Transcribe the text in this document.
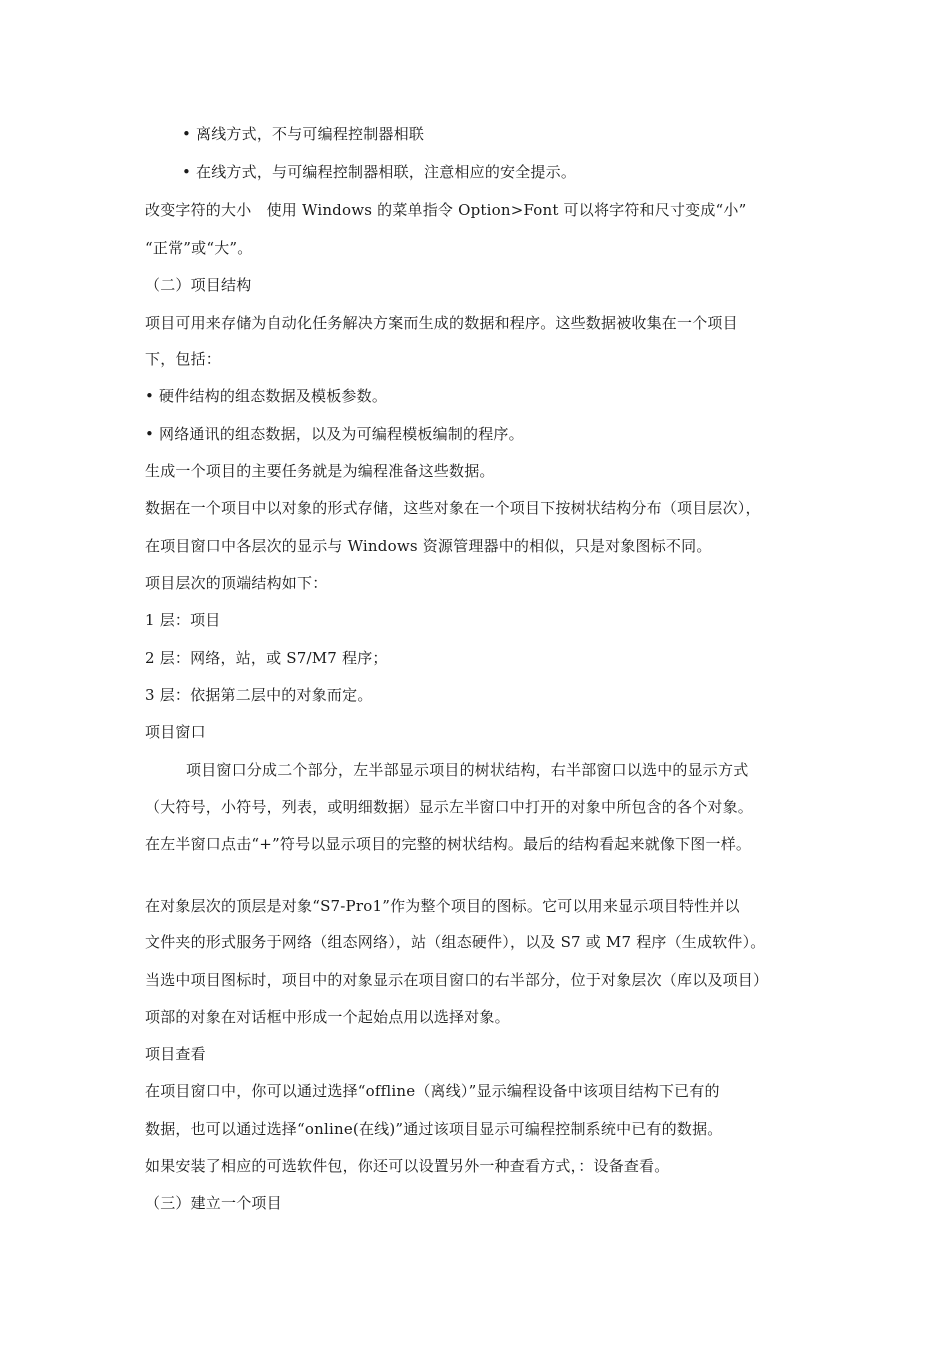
• 离线方式，不与可编程控制器相联
• 在线方式，与可编程控制器相联，注意相应的安全提示。
改变字符的大小　使用 Windows 的菜单指令 Option>Font 可以将字符和尺寸变成“小”
“正常”或“大”。
（二）项目结构
项目可用来存储为自动化任务解决方案而生成的数据和程序。这些数据被收集在一个项目
下，包括：
• 硬件结构的组态数据及模板参数。
• 网络通讯的组态数据，以及为可编程模板编制的程序。
生成一个项目的主要任务就是为编程准备这些数据。
数据在一个项目中以对象的形式存储，这些对象在一个项目下按树状结构分布（项目层次），
在项目窗口中各层次的显示与 Windows 资源管理器中的相似，只是对象图标不同。
项目层次的顶端结构如下：
1 层：项目
2 层：网络，站，或 S7/M7 程序；
3 层：依据第二层中的对象而定。
项目窗口
项目窗口分成二个部分，左半部显示项目的树状结构，右半部窗口以选中的显示方式
（大符号，小符号，列表，或明细数据）显示左半窗口中打开的对象中所包含的各个对象。
在左半窗口点击“+”符号以显示项目的完整的树状结构。最后的结构看起来就像下图一样。
在对象层次的顶层是对象“S7-Pro1”作为整个项目的图标。它可以用来显示项目特性并以
文件夹的形式服务于网络（组态网络），站（组态硬件），以及 S7 或 M7 程序（生成软件）。
当选中项目图标时，项目中的对象显示在项目窗口的右半部分，位于对象层次（库以及项目）
项部的对象在对话框中形成一个起始点用以选择对象。
项目查看
在项目窗口中，你可以通过选择“offline（离线）”显示编程设备中该项目结构下已有的
数据，也可以通过选择“online(在线)”通过该项目显示可编程控制系统中已有的数据。
如果安装了相应的可选软件包，你还可以设置另外一种查看方式，：设备查看。
（三）建立一个项目
